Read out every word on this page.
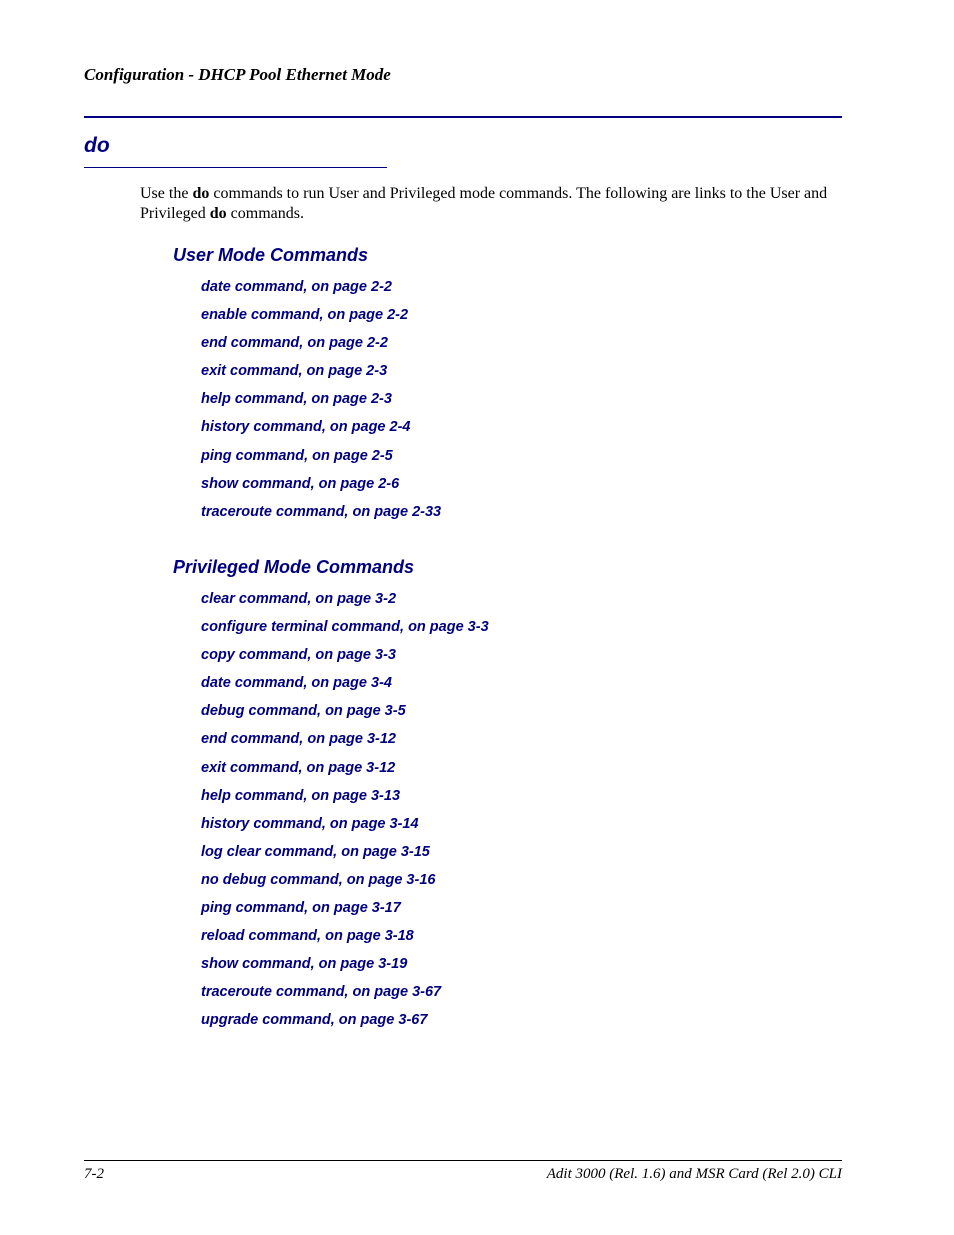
Configuration - DHCP Pool Ethernet Mode
do

Use the do commands to run User and Privileged mode commands. The following are links to the User and Privileged do commands.

User Mode Commands
date command, on page 2-2
enable command, on page 2-2
end command, on page 2-2
exit command, on page 2-3
help command, on page 2-3
history command, on page 2-4
ping command, on page 2-5
show command, on page 2-6
traceroute command, on page 2-33
Privileged Mode Commands
clear command, on page 3-2
configure terminal command, on page 3-3
copy command, on page 3-3
date command, on page 3-4
debug command, on page 3-5
end command, on page 3-12
exit command, on page 3-12
help command, on page 3-13
history command, on page 3-14
log clear command, on page 3-15
no debug command, on page 3-16
ping command, on page 3-17
reload command, on page 3-18
show command, on page 3-19
traceroute command, on page 3-67
upgrade command, on page 3-67
7-2	Adit 3000 (Rel. 1.6) and MSR Card (Rel 2.0) CLI
